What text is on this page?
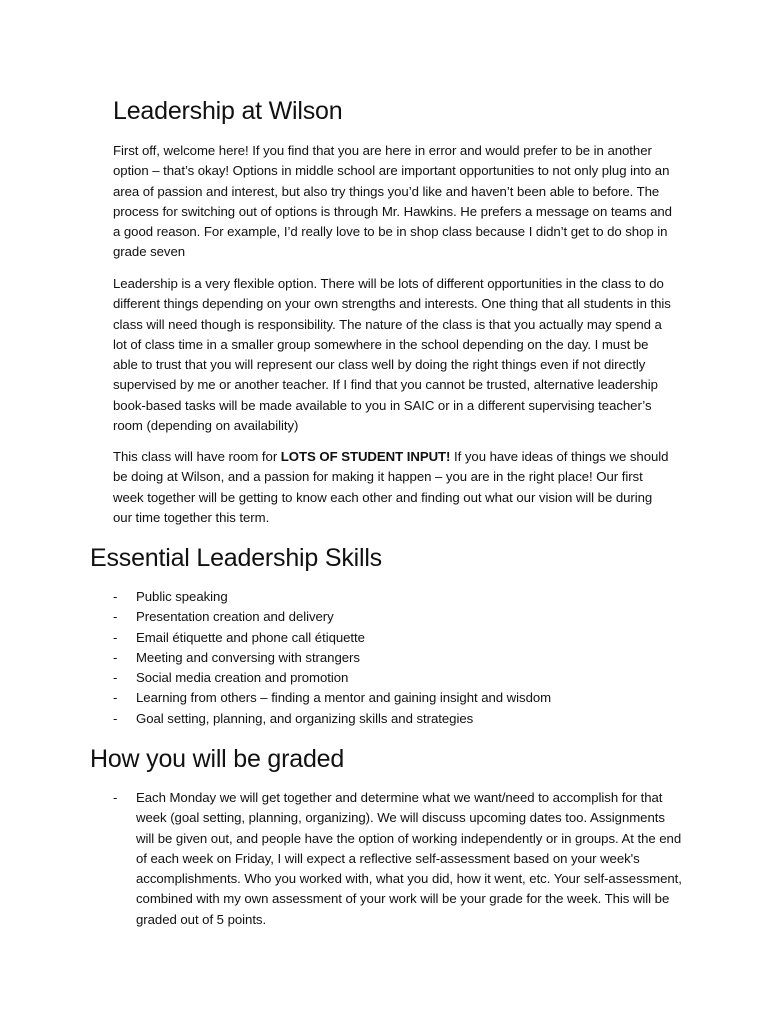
Leadership at Wilson

First off, welcome here! If you find that you are here in error and would prefer to be in another option – that’s okay! Options in middle school are important opportunities to not only plug into an area of passion and interest, but also try things you’d like and haven’t been able to before. The process for switching out of options is through Mr. Hawkins. He prefers a message on teams and a good reason. For example, I’d really love to be in shop class because I didn’t get to do shop in grade seven

Leadership is a very flexible option. There will be lots of different opportunities in the class to do different things depending on your own strengths and interests. One thing that all students in this class will need though is responsibility. The nature of the class is that you actually may spend a lot of class time in a smaller group somewhere in the school depending on the day. I must be able to trust that you will represent our class well by doing the right things even if not directly supervised by me or another teacher. If I find that you cannot be trusted, alternative leadership book-based tasks will be made available to you in SAIC or in a different supervising teacher’s room (depending on availability)

This class will have room for LOTS OF STUDENT INPUT! If you have ideas of things we should be doing at Wilson, and a passion for making it happen – you are in the right place! Our first week together will be getting to know each other and finding out what our vision will be during our time together this term.

Essential Leadership Skills
- Public speaking
- Presentation creation and delivery
- Email étiquette and phone call étiquette
- Meeting and conversing with strangers
- Social media creation and promotion
- Learning from others – finding a mentor and gaining insight and wisdom
- Goal setting, planning, and organizing skills and strategies
How you will be graded
- Each Monday we will get together and determine what we want/need to accomplish for that week (goal setting, planning, organizing). We will discuss upcoming dates too. Assignments will be given out, and people have the option of working independently or in groups. At the end of each week on Friday, I will expect a reflective self-assessment based on your week's accomplishments. Who you worked with, what you did, how it went, etc. Your self-assessment, combined with my own assessment of your work will be your grade for the week. This will be graded out of 5 points.
